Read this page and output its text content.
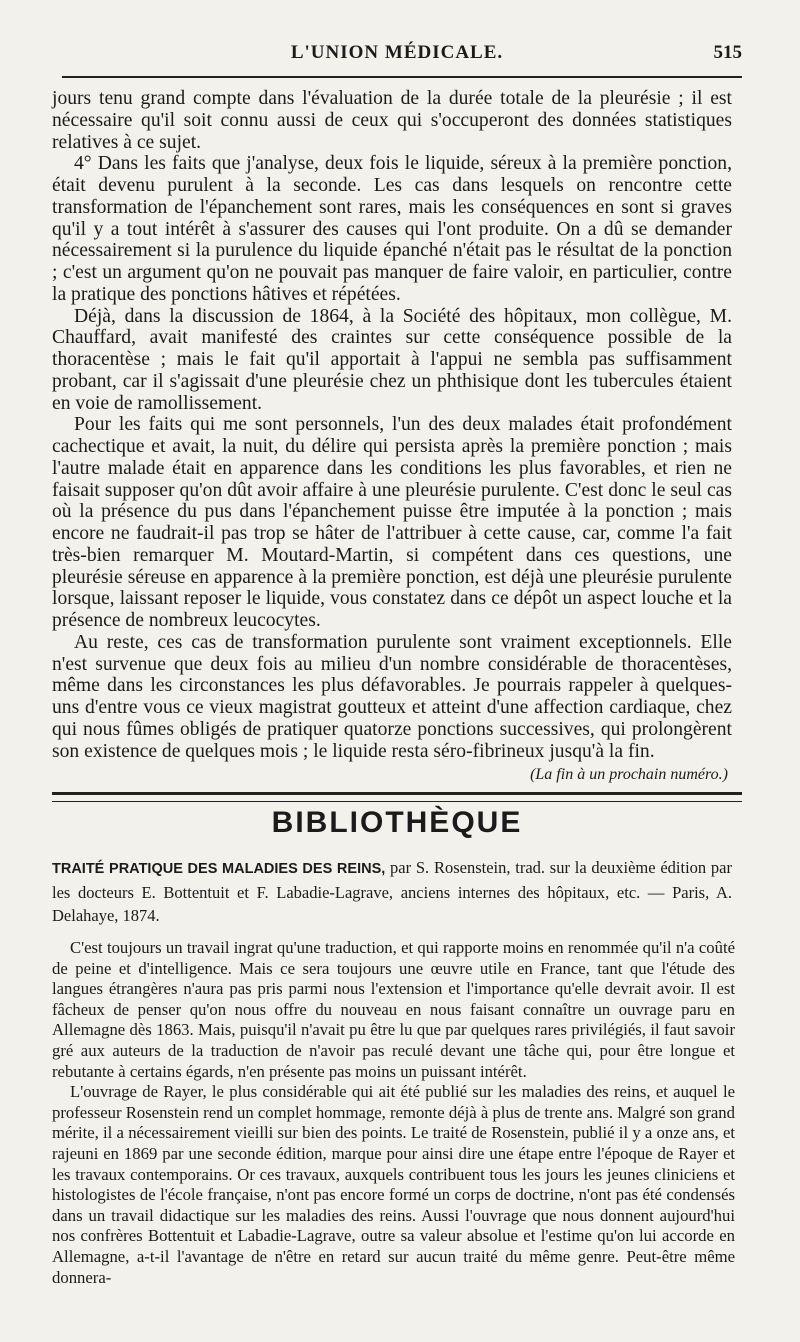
L'UNION MÉDICALE.	515

jours tenu grand compte dans l'évaluation de la durée totale de la pleurésie ; il est nécessaire qu'il soit connu aussi de ceux qui s'occuperont des données statistiques relatives à ce sujet.

4° Dans les faits que j'analyse, deux fois le liquide, séreux à la première ponction, était devenu purulent à la seconde. Les cas dans lesquels on rencontre cette transformation de l'épanchement sont rares, mais les conséquences en sont si graves qu'il y a tout intérêt à s'assurer des causes qui l'ont produite. On a dû se demander nécessairement si la purulence du liquide épanché n'était pas le résultat de la ponction ; c'est un argument qu'on ne pouvait pas manquer de faire valoir, en particulier, contre la pratique des ponctions hâtives et répétées.

Déjà, dans la discussion de 1864, à la Société des hôpitaux, mon collègue, M. Chauffard, avait manifesté des craintes sur cette conséquence possible de la thoracentèse ; mais le fait qu'il apportait à l'appui ne sembla pas suffisamment probant, car il s'agissait d'une pleurésie chez un phthisique dont les tubercules étaient en voie de ramollissement.

Pour les faits qui me sont personnels, l'un des deux malades était profondément cachectique et avait, la nuit, du délire qui persista après la première ponction ; mais l'autre malade était en apparence dans les conditions les plus favorables, et rien ne faisait supposer qu'on dût avoir affaire à une pleurésie purulente. C'est donc le seul cas où la présence du pus dans l'épanchement puisse être imputée à la ponction ; mais encore ne faudrait-il pas trop se hâter de l'attribuer à cette cause, car, comme l'a fait très-bien remarquer M. Moutard-Martin, si compétent dans ces questions, une pleurésie séreuse en apparence à la première ponction, est déjà une pleurésie purulente lorsque, laissant reposer le liquide, vous constatez dans ce dépôt un aspect louche et la présence de nombreux leucocytes.

Au reste, ces cas de transformation purulente sont vraiment exceptionnels. Elle n'est survenue que deux fois au milieu d'un nombre considérable de thoracentèses, même dans les circonstances les plus défavorables. Je pourrais rappeler à quelques-uns d'entre vous ce vieux magistrat goutteux et atteint d'une affection cardiaque, chez qui nous fûmes obligés de pratiquer quatorze ponctions successives, qui prolongèrent son existence de quelques mois ; le liquide resta séro-fibrineux jusqu'à la fin.

(La fin à un prochain numéro.)
BIBLIOTHÈQUE
TRAITÉ PRATIQUE DES MALADIES DES REINS, par S. Rosenstein, trad. sur la deuxième édition par les docteurs E. Bottentuit et F. Labadie-Lagrave, anciens internes des hôpitaux, etc. — Paris, A. Delahaye, 1874.

C'est toujours un travail ingrat qu'une traduction, et qui rapporte moins en renommée qu'il n'a coûté de peine et d'intelligence. Mais ce sera toujours une œuvre utile en France, tant que l'étude des langues étrangères n'aura pas pris parmi nous l'extension et l'importance qu'elle devrait avoir. Il est fâcheux de penser qu'on nous offre du nouveau en nous faisant connaître un ouvrage paru en Allemagne dès 1863. Mais, puisqu'il n'avait pu être lu que par quelques rares privilégiés, il faut savoir gré aux auteurs de la traduction de n'avoir pas reculé devant une tâche qui, pour être longue et rebutante à certains égards, n'en présente pas moins un puissant intérêt.

L'ouvrage de Rayer, le plus considérable qui ait été publié sur les maladies des reins, et auquel le professeur Rosenstein rend un complet hommage, remonte déjà à plus de trente ans. Malgré son grand mérite, il a nécessairement vieilli sur bien des points. Le traité de Rosenstein, publié il y a onze ans, et rajeuni en 1869 par une seconde édition, marque pour ainsi dire une étape entre l'époque de Rayer et les travaux contemporains. Or ces travaux, auxquels contribuent tous les jours les jeunes cliniciens et histologistes de l'école française, n'ont pas encore formé un corps de doctrine, n'ont pas été condensés dans un travail didactique sur les maladies des reins. Aussi l'ouvrage que nous donnent aujourd'hui nos confrères Bottentuit et Labadie-Lagrave, outre sa valeur absolue et l'estime qu'on lui accorde en Allemagne, a-t-il l'avantage de n'être en retard sur aucun traité du même genre. Peut-être même donnera-
